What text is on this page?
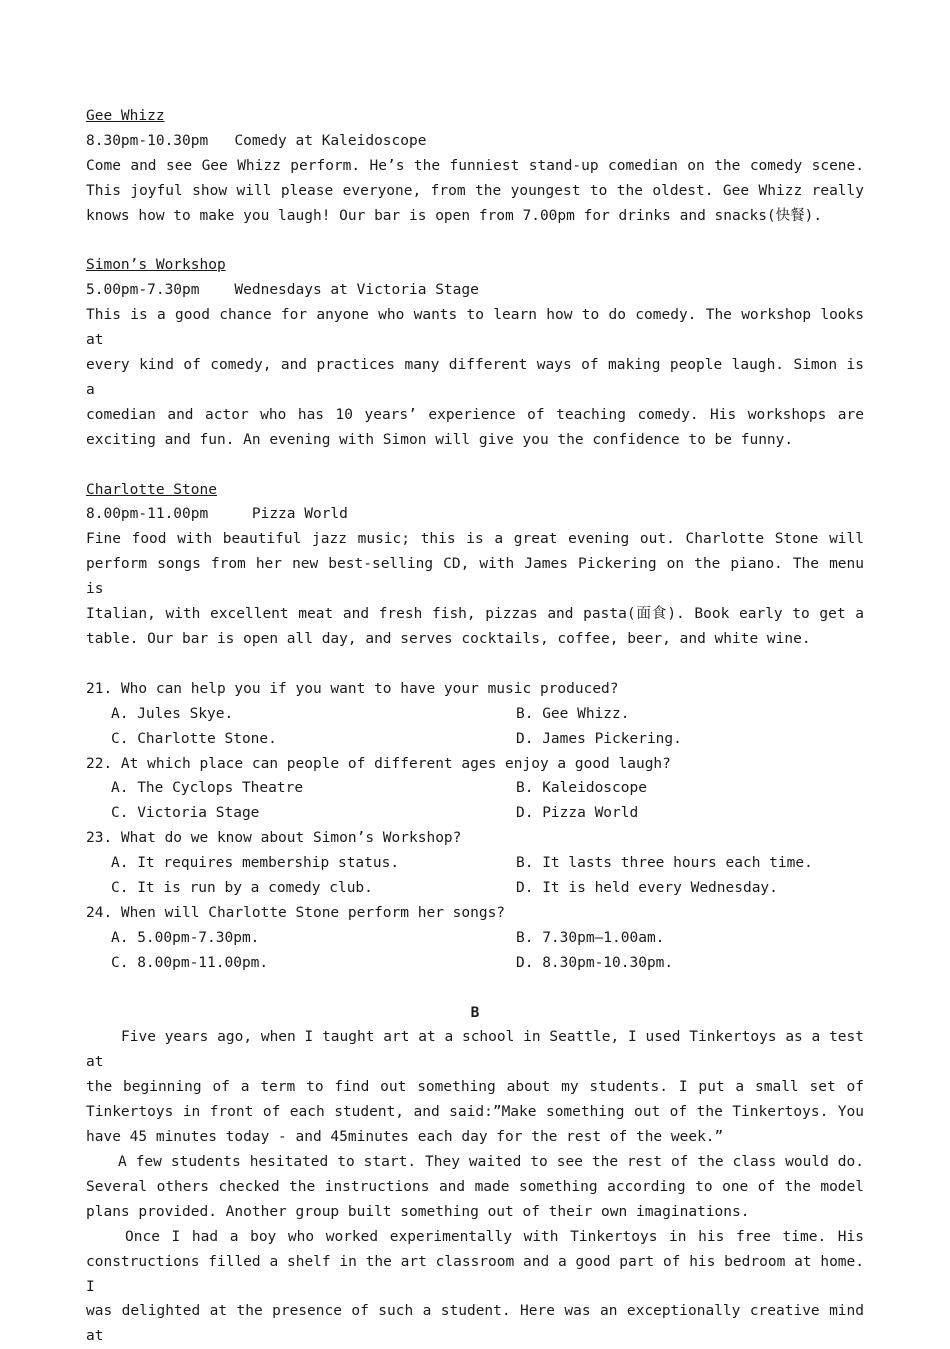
Gee Whizz
8.30pm-10.30pm   Comedy at Kaleidoscope
Come and see Gee Whizz perform. He’s the funniest stand-up comedian on the comedy scene.
This joyful show will please everyone, from the youngest to the oldest. Gee Whizz really
knows how to make you laugh! Our bar is open from 7.00pm for drinks and snacks(快餐).
Simon’s Workshop
5.00pm-7.30pm    Wednesdays at Victoria Stage
This is a good chance for anyone who wants to learn how to do comedy. The workshop looks at
every kind of comedy, and practices many different ways of making people laugh. Simon is a
comedian and actor who has 10 years’ experience of teaching comedy. His workshops are
exciting and fun. An evening with Simon will give you the confidence to be funny.
Charlotte Stone
8.00pm-11.00pm     Pizza World
Fine food with beautiful jazz music; this is a great evening out. Charlotte Stone will
perform songs from her new best-selling CD, with James Pickering on the piano. The menu is
Italian, with excellent meat and fresh fish, pizzas and pasta(面食). Book early to get a
table. Our bar is open all day, and serves cocktails, coffee, beer, and white wine.
21. Who can help you if you want to have your music produced?
A. Jules Skye.	B. Gee Whizz.
C. Charlotte Stone.	D. James Pickering.
22. At which place can people of different ages enjoy a good laugh?
A. The Cyclops Theatre	B. Kaleidoscope
C. Victoria Stage	D. Pizza World
23. What do we know about Simon’s Workshop?
A. It requires membership status.	B. It lasts three hours each time.
C. It is run by a comedy club.	D. It is held every Wednesday.
24. When will Charlotte Stone perform her songs?
A. 5.00pm-7.30pm.	B. 7.30pm—1.00am.
C. 8.00pm-11.00pm.	D. 8.30pm-10.30pm.
B
Five years ago, when I taught art at a school in Seattle, I used Tinkertoys as a test at
the beginning of a term to find out something about my students. I put a small set of
Tinkertoys in front of each student, and said:”Make something out of the Tinkertoys. You
have 45 minutes today - and 45minutes each day for the rest of the week.”
A few students hesitated to start. They waited to see the rest of the class would do.
Several others checked the instructions and made something according to one of the model
plans provided. Another group built something out of their own imaginations.
Once I had a boy who worked experimentally with Tinkertoys in his free time. His
constructions filled a shelf in the art classroom and a good part of his bedroom at home. I
was delighted at the presence of such a student. Here was an exceptionally creative mind at
